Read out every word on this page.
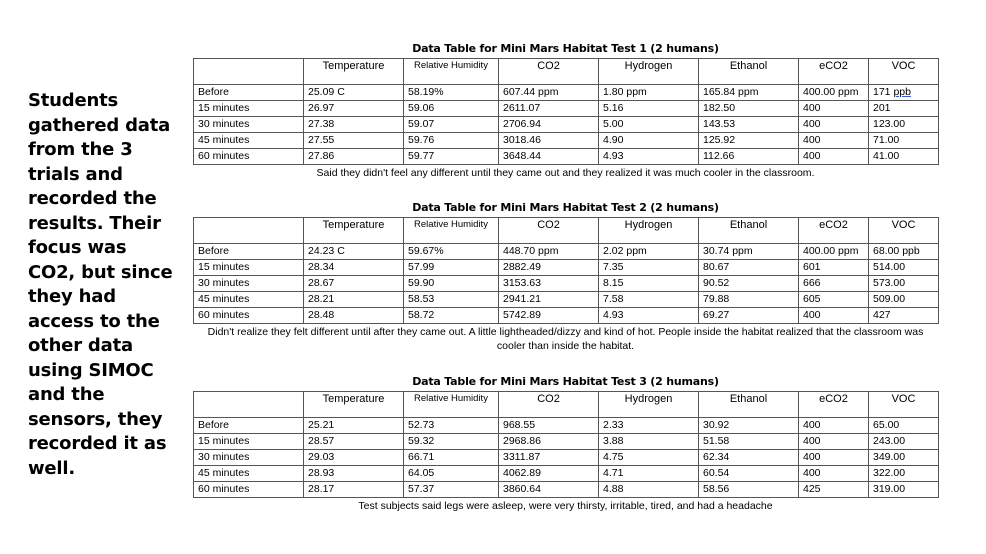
Students gathered data from the 3 trials and recorded the results. Their focus was CO2, but since they had access to the other data using SIMOC and the sensors, they recorded it as well.
Data Table for Mini Mars Habitat Test 1 (2 humans)
	Temperature	Relative Humidity	CO2	Hydrogen	Ethanol	eCO2	VOC
Before	25.09 C	58.19%	607.44 ppm	1.80 ppm	165.84 ppm	400.00 ppm	171 ppb
15 minutes	26.97	59.06	2611.07	5.16	182.50	400	201
30 minutes	27.38	59.07	2706.94	5.00	143.53	400	123.00
45 minutes	27.55	59.76	3018.46	4.90	125.92	400	71.00
60 minutes	27.86	59.77	3648.44	4.93	112.66	400	41.00
Said they didn't feel any different until they came out and they realized it was much cooler in the classroom.
Data Table for Mini Mars Habitat Test 2 (2 humans)
	Temperature	Relative Humidity	CO2	Hydrogen	Ethanol	eCO2	VOC
Before	24.23 C	59.67%	448.70 ppm	2.02 ppm	30.74 ppm	400.00 ppm	68.00 ppb
15 minutes	28.34	57.99	2882.49	7.35	80.67	601	514.00
30 minutes	28.67	59.90	3153.63	8.15	90.52	666	573.00
45 minutes	28.21	58.53	2941.21	7.58	79.88	605	509.00
60 minutes	28.48	58.72	5742.89	4.93	69.27	400	427
Didn't realize they felt different until after they came out. A little lightheaded/dizzy and kind of hot. People inside the habitat realized that the classroom was cooler than inside the habitat.
Data Table for Mini Mars Habitat Test 3 (2 humans)
	Temperature	Relative Humidity	CO2	Hydrogen	Ethanol	eCO2	VOC
Before	25.21	52.73	968.55	2.33	30.92	400	65.00
15 minutes	28.57	59.32	2968.86	3.88	51.58	400	243.00
30 minutes	29.03	66.71	3311.87	4.75	62.34	400	349.00
45 minutes	28.93	64.05	4062.89	4.71	60.54	400	322.00
60 minutes	28.17	57.37	3860.64	4.88	58.56	425	319.00
Test subjects said legs were asleep, were very thirsty, irritable, tired, and had a headache
